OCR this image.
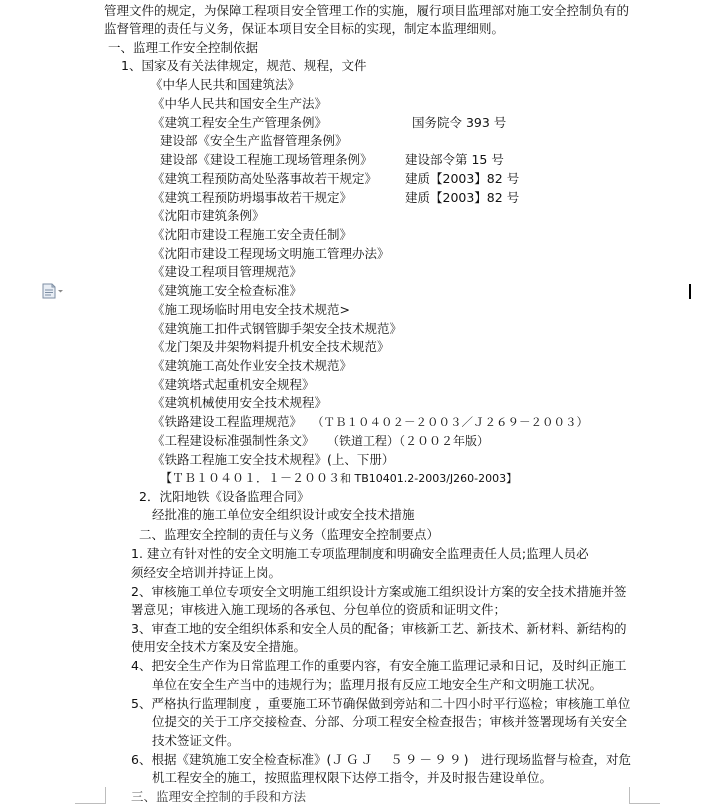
管理文件的规定，为保障工程项目安全管理工作的实施，履行项目监理部对施工安全控制负有的
监督管理的责任与义务，保证本项目安全目标的实现，制定本监理细则。
一、监理工作安全控制依据
1、国家及有关法律规定，规范、规程，文件
《中华人民共和国建筑法》
《中华人民共和国安全生产法》
《建筑工程安全生产管理条例》	国务院令 393 号
建设部《安全生产监督管理条例》
建设部《建设工程施工现场管理条例》	建设部令第 15 号
《建筑工程预防高处坠落事故若干规定》 建质【2003】82 号
《建筑工程预防坍塌事故若干规定》	建质【2003】82 号
《沈阳市建筑条例》
《沈阳市建设工程施工安全责任制》
《沈阳市建设工程现场文明施工管理办法》
《建设工程项目管理规范》
《建筑施工安全检查标准》
《施工现场临时用电安全技术规范>
《建筑施工扣件式钢管脚手架安全技术规范》
《龙门架及井架物料提升机安全技术规范》
《建筑施工高处作业安全技术规范》
《建筑塔式起重机安全规程》
《建筑机械使用安全技术规程》
《铁路建设工程监理规范》 （ＴＢ１０４０２－２００３／Ｊ２６９－２００３）
《工程建设标准强制性条文》 （铁道工程）（２００２年版）
《铁路工程施工安全技术规程》(上、下册）
【ＴＢ１０４０１．１－２００３和 TB10401.2-2003/J260-2003】
2．沈阳地铁《设备监理合同》
经批准的施工单位安全组织设计或安全技术措施
二、监理安全控制的责任与义务（监理安全控制要点）
1. 建立有针对性的安全文明施工专项监理制度和明确安全监理责任人员;监理人员必
须经安全培训并持证上岗。
2、审核施工单位专项安全文明施工组织设计方案或施工组织设计方案的安全技术措施并签
署意见；审核进入施工现场的各承包、分包单位的资质和证明文件；
3、审查工地的安全组织体系和安全人员的配备；审核新工艺、新技术、新材料、新结构的
使用安全技术方案及安全措施。
4、把安全生产作为日常监理工作的重要内容，有安全施工监理记录和日记，及时纠正施工
单位在安全生产当中的违规行为；监理月报有反应工地安全生产和文明施工状况。
5、严格执行监理制度 ，重要施工环节确保做到旁站和二十四小时平行巡检；审核施工单位
位提交的关于工序交接检查、分部、分项工程安全检查报告；审核并签署现场有关安全
技术签证文件。
6、根据《建筑施工安全检查标准》(ＪＧＪ　５９－９９)　进行现场监督与检查，对危
机工程安全的施工，按照监理权限下达停工指令，并及时报告建设单位。
三、监理安全控制的手段和方法
